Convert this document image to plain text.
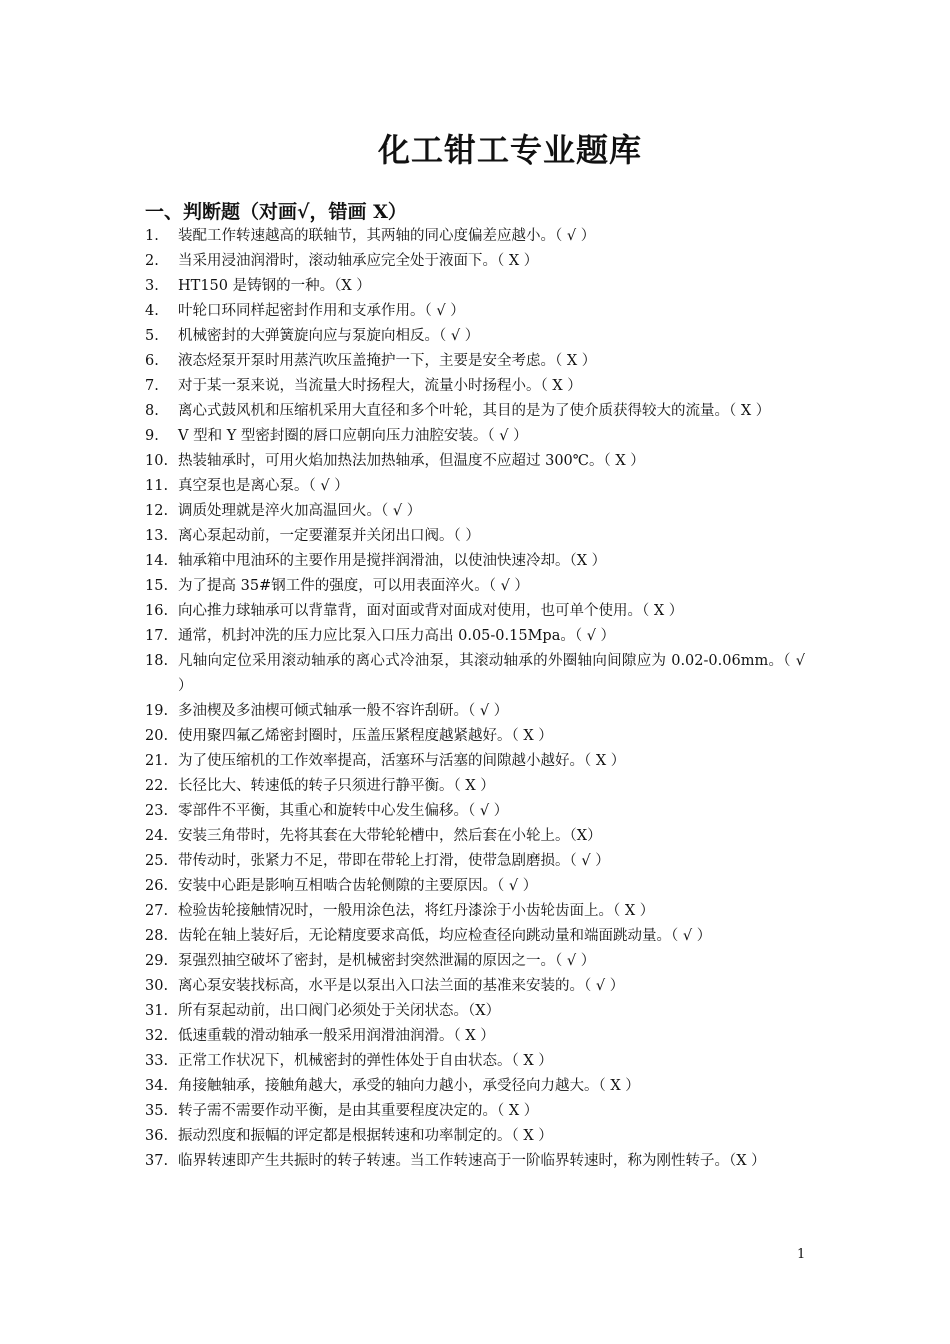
化工钳工专业题库
一、判断题（对画√，错画 X）
1. 装配工作转速越高的联轴节，其两轴的同心度偏差应越小。（ √ ）
2. 当采用浸油润滑时，滚动轴承应完全处于液面下。（ X ）
3. HT150 是铸钢的一种。（X ）
4. 叶轮口环同样起密封作用和支承作用。（ √ ）
5. 机械密封的大弹簧旋向应与泵旋向相反。（ √ ）
6. 液态烃泵开泵时用蒸汽吹压盖掩护一下，主要是安全考虑。（ X ）
7. 对于某一泵来说，当流量大时扬程大，流量小时扬程小。（ X ）
8. 离心式鼓风机和压缩机采用大直径和多个叶轮，其目的是为了使介质获得较大的流量。（ X ）
9. V 型和 Y 型密封圈的唇口应朝向压力油腔安装。（ √ ）
10. 热装轴承时，可用火焰加热法加热轴承，但温度不应超过 300℃。（ X ）
11. 真空泵也是离心泵。（ √ ）
12. 调质处理就是淬火加高温回火。（ √ ）
13. 离心泵起动前，一定要灌泵并关闭出口阀。（ ）
14. 轴承箱中甩油环的主要作用是搅拌润滑油，以使油快速冷却。（X ）
15. 为了提高 35#钢工件的强度，可以用表面淬火。（ √ ）
16. 向心推力球轴承可以背靠背，面对面或背对面成对使用，也可单个使用。（ X ）
17. 通常，机封冲洗的压力应比泵入口压力高出 0.05-0.15Mpa。（ √ ）
18. 凡轴向定位采用滚动轴承的离心式冷油泵，其滚动轴承的外圈轴向间隙应为 0.02-0.06mm。（ √ ）
19. 多油楔及多油楔可倾式轴承一般不容许刮研。（ √ ）
20. 使用聚四氟乙烯密封圈时，压盖压紧程度越紧越好。（ X ）
21. 为了使压缩机的工作效率提高，活塞环与活塞的间隙越小越好。（ X ）
22. 长径比大、转速低的转子只须进行静平衡。（ X ）
23. 零部件不平衡，其重心和旋转中心发生偏移。（ √ ）
24. 安装三角带时，先将其套在大带轮轮槽中，然后套在小轮上。（X）
25. 带传动时，张紧力不足，带即在带轮上打滑，使带急剧磨损。（ √ ）
26. 安装中心距是影响互相啮合齿轮侧隙的主要原因。（ √ ）
27. 检验齿轮接触情况时，一般用涂色法，将红丹漆涂于小齿轮齿面上。（ X ）
28. 齿轮在轴上装好后，无论精度要求高低，均应检查径向跳动量和端面跳动量。（ √ ）
29. 泵强烈抽空破坏了密封，是机械密封突然泄漏的原因之一。（ √ ）
30. 离心泵安装找标高，水平是以泵出入口法兰面的基准来安装的。（ √ ）
31. 所有泵起动前，出口阀门必须处于关闭状态。（X）
32. 低速重载的滑动轴承一般采用润滑油润滑。（ X ）
33. 正常工作状况下，机械密封的弹性体处于自由状态。（ X ）
34. 角接触轴承，接触角越大，承受的轴向力越小，承受径向力越大。（ X ）
35. 转子需不需要作动平衡，是由其重要程度决定的。（ X ）
36. 振动烈度和振幅的评定都是根据转速和功率制定的。（ X ）
37. 临界转速即产生共振时的转子转速。当工作转速高于一阶临界转速时，称为刚性转子。（X ）
1
